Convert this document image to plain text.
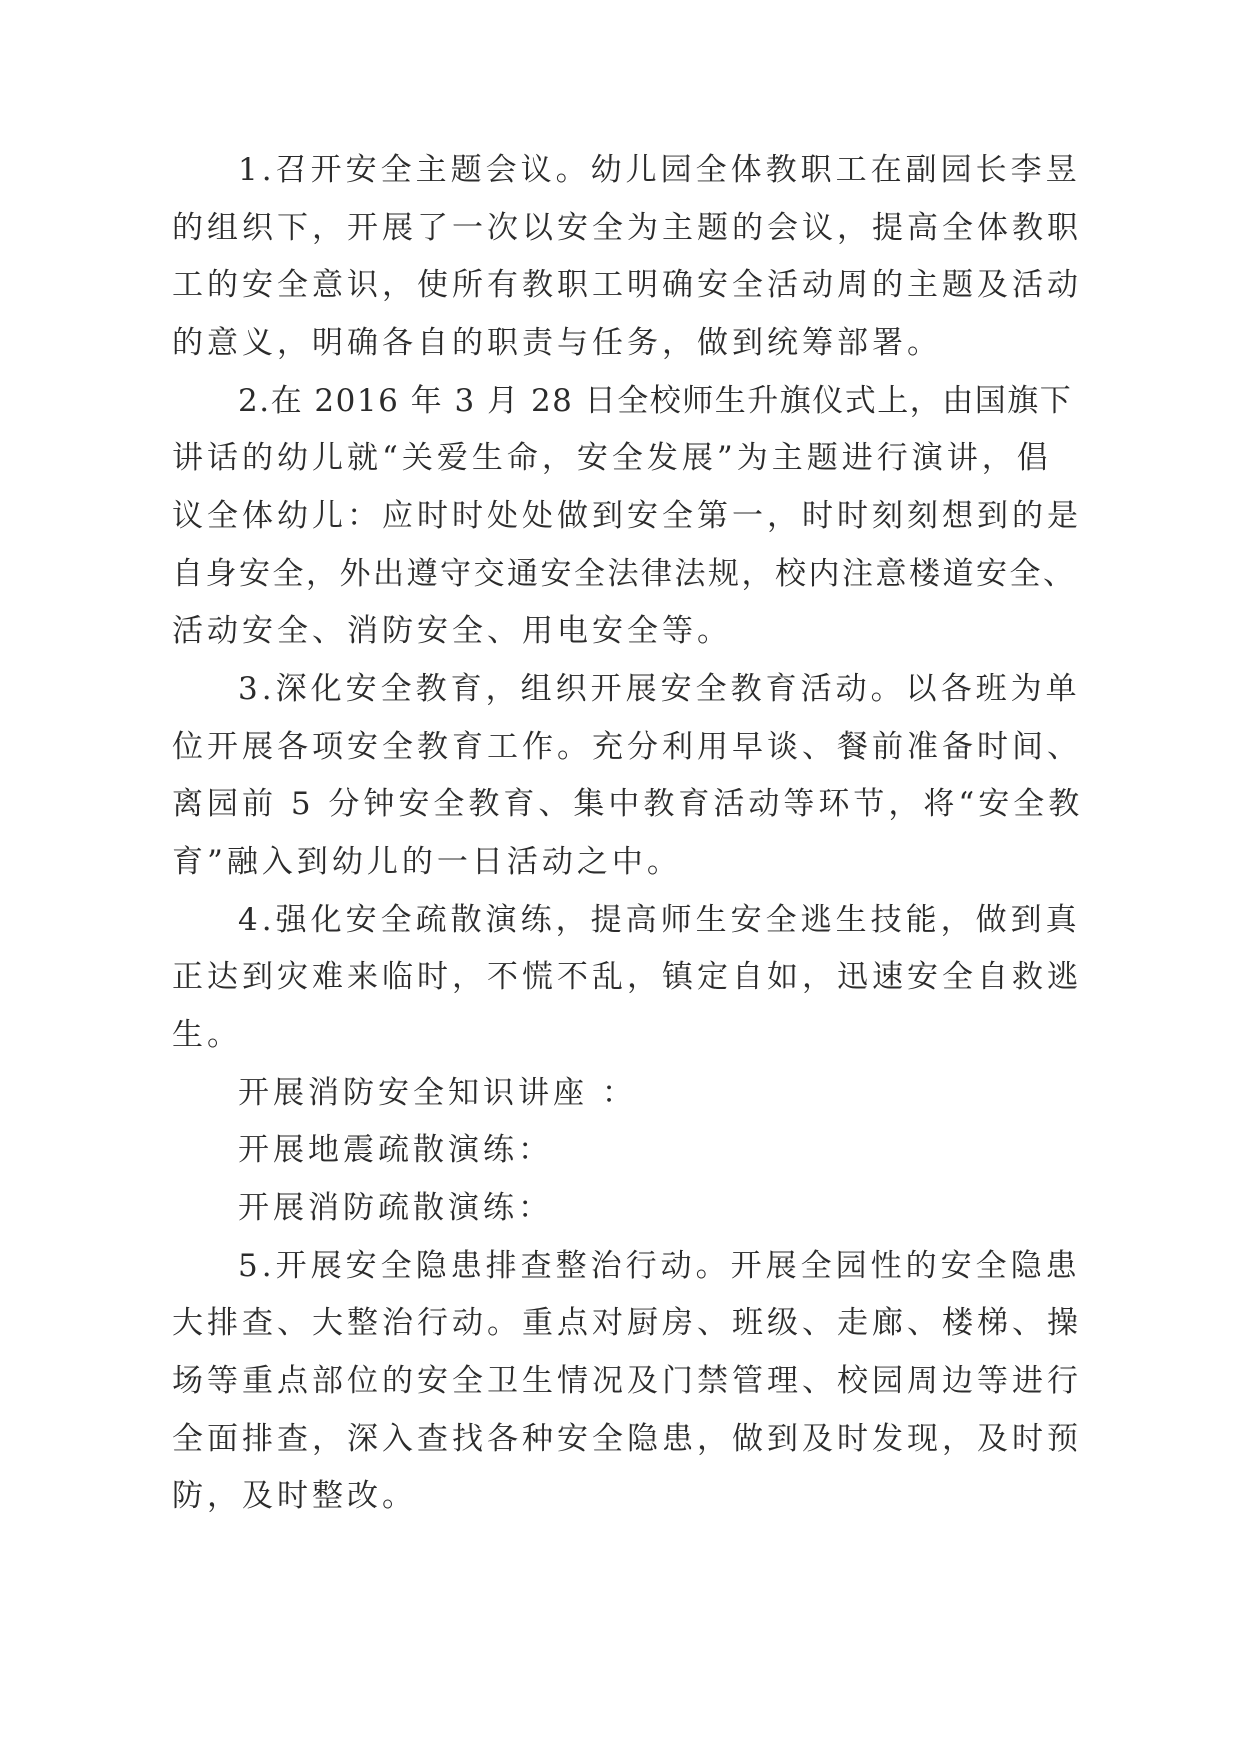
1.召开安全主题会议。幼儿园全体教职工在副园长李昱

的组织下，开展了一次以安全为主题的会议，提高全体教职

工的安全意识，使所有教职工明确安全活动周的主题及活动

的意义，明确各自的职责与任务，做到统筹部署。

2.在 2016 年 3 月 28 日全校师生升旗仪式上，由国旗下

讲话的幼儿就“关爱生命，安全发展”为主题进行演讲，倡

议全体幼儿：应时时处处做到安全第一，时时刻刻想到的是

自身安全，外出遵守交通安全法律法规，校内注意楼道安全、

活动安全、消防安全、用电安全等。

3.深化安全教育，组织开展安全教育活动。以各班为单

位开展各项安全教育工作。充分利用早谈、餐前准备时间、

离园前 5 分钟安全教育、集中教育活动等环节，将“安全教

育”融入到幼儿的一日活动之中。

4.强化安全疏散演练，提高师生安全逃生技能，做到真

正达到灾难来临时，不慌不乱，镇定自如，迅速安全自救逃

生。

开展消防安全知识讲座 ：

开展地震疏散演练：

开展消防疏散演练：

5.开展安全隐患排查整治行动。开展全园性的安全隐患

大排查、大整治行动。重点对厨房、班级、走廊、楼梯、操

场等重点部位的安全卫生情况及门禁管理、校园周边等进行

全面排查，深入查找各种安全隐患，做到及时发现，及时预

防，及时整改。
